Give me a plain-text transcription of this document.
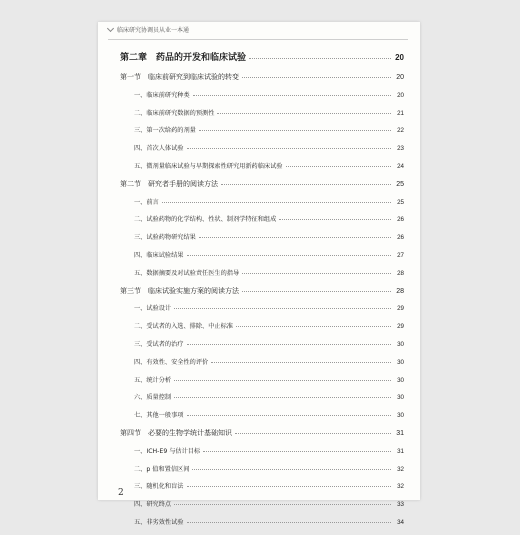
临床研究协调员从业一本通
第二章　药品的开发和临床试验	20
第一节　临床前研究到临床试验的转变	20
一、临床前研究种类	20
二、临床前研究数据的预测性	21
三、第一次给药的剂量	22
四、首次人体试验	23
五、微剂量临床试验与早期探索性研究用新药临床试验	24
第二节　研究者手册的阅读方法	25
一、前言	25
二、试验药物的化学结构、性状、制剂学特征和组成	26
三、试验药物研究结果	26
四、临床试验结果	27
五、数据摘要及对试验责任医生的指导	28
第三节　临床试验实施方案的阅读方法	28
一、试验设计	29
二、受试者的入选、排除、中止标准	29
三、受试者的治疗	30
四、有效性、安全性的评价	30
五、统计分析	30
六、质量控制	30
七、其他一般事项	30
第四节　必要的生物学统计基础知识	31
一、ICH-E9 与估计目标	31
二、p 值和置信区间	32
三、随机化和盲法	32
四、研究终点	33
五、非劣效性试验	34
2
